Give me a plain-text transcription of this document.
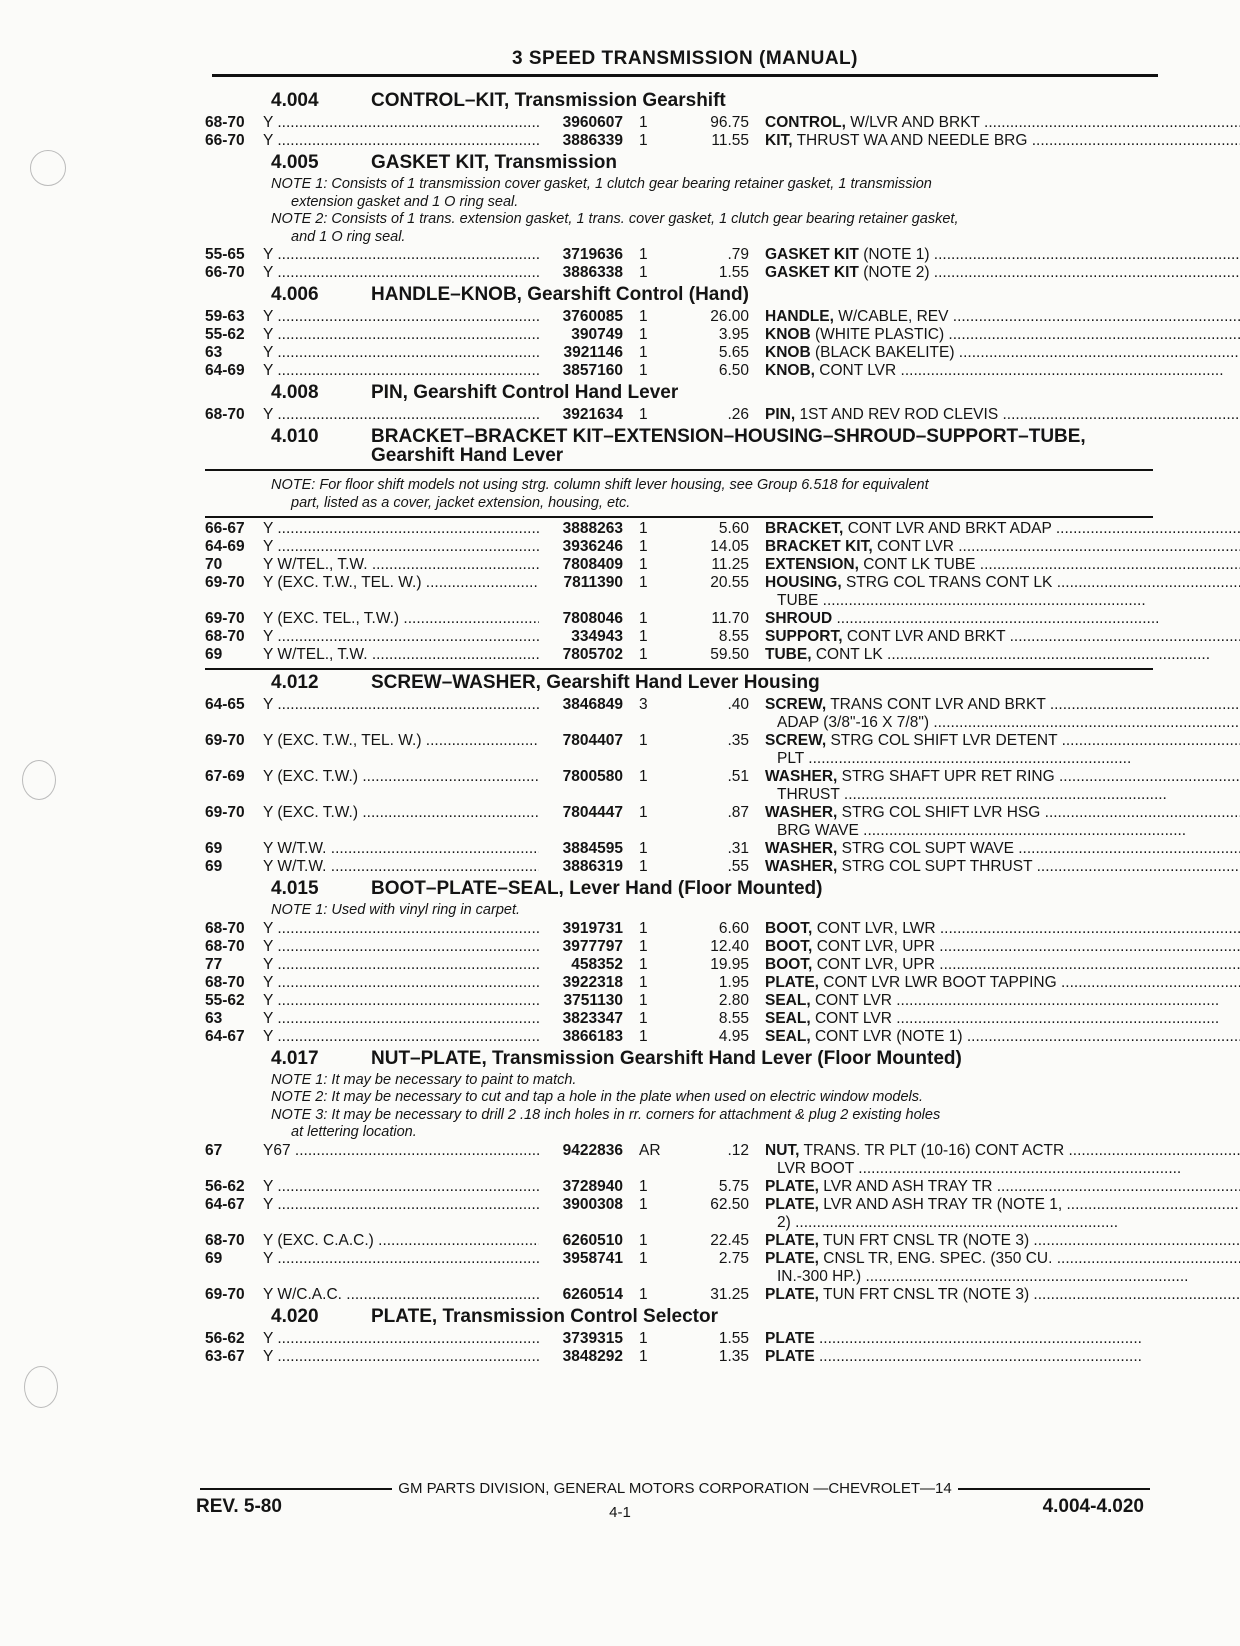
3 SPEED TRANSMISSION (MANUAL)
4.004	CONTROL–KIT, Transmission Gearshift
68-70	Y .....	3960607	1	96.75	CONTROL, W/LVR AND BRKT .....
66-70	Y .....	3886339	1	11.55	KIT, THRUST WA AND NEEDLE BRG .....
4.005	GASKET KIT, Transmission
NOTE 1: Consists of 1 transmission cover gasket, 1 clutch gear bearing retainer gasket, 1 transmission
extension gasket and 1 O ring seal.
NOTE 2: Consists of 1 trans. extension gasket, 1 trans. cover gasket, 1 clutch gear bearing retainer gasket,
and 1 O ring seal.
55-65	Y .....	3719636	1	.79	GASKET KIT (NOTE 1) .....
66-70	Y .....	3886338	1	1.55	GASKET KIT (NOTE 2) .....
4.006	HANDLE–KNOB, Gearshift Control (Hand)
59-63	Y .....	3760085	1	26.00	HANDLE, W/CABLE, REV .....
55-62	Y .....	390749	1	3.95	KNOB (WHITE PLASTIC) .....
63	Y .....	3921146	1	5.65	KNOB (BLACK BAKELITE) .....
64-69	Y .....	3857160	1	6.50	KNOB, CONT LVR .....
4.008	PIN, Gearshift Control Hand Lever
68-70	Y .....	3921634	1	.26	PIN, 1ST AND REV ROD CLEVIS .....
4.010	BRACKET–BRACKET KIT–EXTENSION–HOUSING–SHROUD–SUPPORT–TUBE, Gearshift Hand Lever
NOTE: For floor shift models not using strg. column shift lever housing, see Group 6.518 for equivalent
part, listed as a cover, jacket extension, housing, etc.
66-67	Y .....	3888263	1	5.60	BRACKET, CONT LVR AND BRKT ADAP .....
64-69	Y .....	3936246	1	14.05	BRACKET KIT, CONT LVR .....
70	Y W/TEL., T.W. .....	7808409	1	11.25	EXTENSION, CONT LK TUBE .....
69-70	Y (EXC. T.W., TEL. W.) .....	7811390	1	20.55	HOUSING, STRG COL TRANS CONT LK .....
TUBE .....
69-70	Y (EXC. TEL., T.W.) .....	7808046	1	11.70	SHROUD .....
68-70	Y .....	334943	1	8.55	SUPPORT, CONT LVR AND BRKT .....
69	Y W/TEL., T.W. .....	7805702	1	59.50	TUBE, CONT LK .....
4.012	SCREW–WASHER, Gearshift Hand Lever Housing
64-65	Y .....	3846849	3	.40	SCREW, TRANS CONT LVR AND BRKT .....
ADAP (3/8"-16 X 7/8") .....
69-70	Y (EXC. T.W., TEL. W.) .....	7804407	1	.35	SCREW, STRG COL SHIFT LVR DETENT .....
PLT .....
67-69	Y (EXC. T.W.) .....	7800580	1	.51	WASHER, STRG SHAFT UPR RET RING .....
THRUST .....
69-70	Y (EXC. T.W.) .....	7804447	1	.87	WASHER, STRG COL SHIFT LVR HSG .....
BRG WAVE .....
69	Y W/T.W. .....	3884595	1	.31	WASHER, STRG COL SUPT WAVE .....
69	Y W/T.W. .....	3886319	1	.55	WASHER, STRG COL SUPT THRUST .....
4.015	BOOT–PLATE–SEAL, Lever Hand (Floor Mounted)
NOTE 1: Used with vinyl ring in carpet.
68-70	Y .....	3919731	1	6.60	BOOT, CONT LVR, LWR .....
68-70	Y .....	3977797	1	12.40	BOOT, CONT LVR, UPR .....
77	Y .....	458352	1	19.95	BOOT, CONT LVR, UPR .....
68-70	Y .....	3922318	1	1.95	PLATE, CONT LVR LWR BOOT TAPPING .....
55-62	Y .....	3751130	1	2.80	SEAL, CONT LVR .....
63	Y .....	3823347	1	8.55	SEAL, CONT LVR .....
64-67	Y .....	3866183	1	4.95	SEAL, CONT LVR (NOTE 1) .....
4.017	NUT–PLATE, Transmission Gearshift Hand Lever (Floor Mounted)
NOTE 1: It may be necessary to paint to match.
NOTE 2: It may be necessary to cut and tap a hole in the plate when used on electric window models.
NOTE 3: It may be necessary to drill 2 .18 inch holes in rr. corners for attachment & plug 2 existing holes
at lettering location.
67	Y67 .....	9422836	AR	.12	NUT, TRANS. TR PLT (10-16) CONT ACTR .....
LVR BOOT .....
56-62	Y .....	3728940	1	5.75	PLATE, LVR AND ASH TRAY TR .....
64-67	Y .....	3900308	1	62.50	PLATE, LVR AND ASH TRAY TR (NOTE 1, .....
2) .....
68-70	Y (EXC. C.A.C.) .....	6260510	1	22.45	PLATE, TUN FRT CNSL TR (NOTE 3) .....
69	Y .....	3958741	1	2.75	PLATE, CNSL TR, ENG. SPEC. (350 CU. .....
IN.-300 HP.) .....
69-70	Y W/C.A.C. .....	6260514	1	31.25	PLATE, TUN FRT CNSL TR (NOTE 3) .....
4.020	PLATE, Transmission Control Selector
56-62	Y .....	3739315	1	1.55	PLATE .....
63-67	Y .....	3848292	1	1.35	PLATE .....
GM PARTS DIVISION, GENERAL MOTORS CORPORATION —CHEVROLET—14
REV. 5-80	4-1	4.004-4.020
